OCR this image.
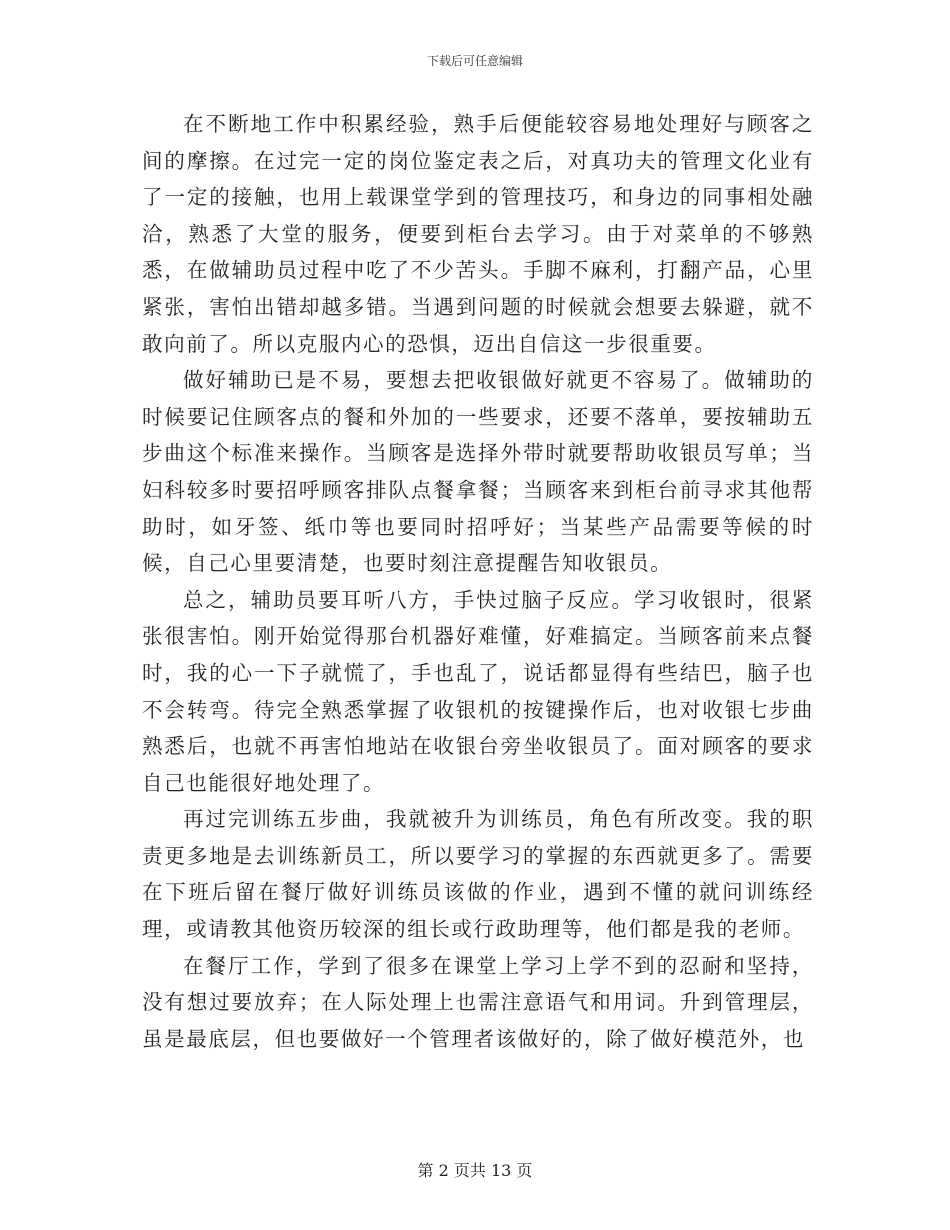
下载后可任意编辑

在不断地工作中积累经验，熟手后便能较容易地处理好与顾客之间的摩擦。在过完一定的岗位鉴定表之后，对真功夫的管理文化业有了一定的接触，也用上载课堂学到的管理技巧，和身边的同事相处融洽，熟悉了大堂的服务，便要到柜台去学习。由于对菜单的不够熟悉，在做辅助员过程中吃了不少苦头。手脚不麻利，打翻产品，心里紧张，害怕出错却越多错。当遇到问题的时候就会想要去躲避，就不敢向前了。所以克服内心的恐惧，迈出自信这一步很重要。

做好辅助已是不易，要想去把收银做好就更不容易了。做辅助的时候要记住顾客点的餐和外加的一些要求，还要不落单，要按辅助五步曲这个标准来操作。当顾客是选择外带时就要帮助收银员写单；当妇科较多时要招呼顾客排队点餐拿餐；当顾客来到柜台前寻求其他帮助时，如牙签、纸巾等也要同时招呼好；当某些产品需要等候的时候，自己心里要清楚，也要时刻注意提醒告知收银员。

总之，辅助员要耳听八方，手快过脑子反应。学习收银时，很紧张很害怕。刚开始觉得那台机器好难懂，好难搞定。当顾客前来点餐时，我的心一下子就慌了，手也乱了，说话都显得有些结巴，脑子也不会转弯。待完全熟悉掌握了收银机的按键操作后，也对收银七步曲熟悉后，也就不再害怕地站在收银台旁坐收银员了。面对顾客的要求自己也能很好地处理了。

再过完训练五步曲，我就被升为训练员，角色有所改变。我的职责更多地是去训练新员工，所以要学习的掌握的东西就更多了。需要在下班后留在餐厅做好训练员该做的作业，遇到不懂的就问训练经理，或请教其他资历较深的组长或行政助理等，他们都是我的老师。

在餐厅工作，学到了很多在课堂上学习上学不到的忍耐和坚持，没有想过要放弃；在人际处理上也需注意语气和用词。升到管理层，虽是最底层，但也要做好一个管理者该做好的，除了做好模范外，也

第 2 页共 13 页
